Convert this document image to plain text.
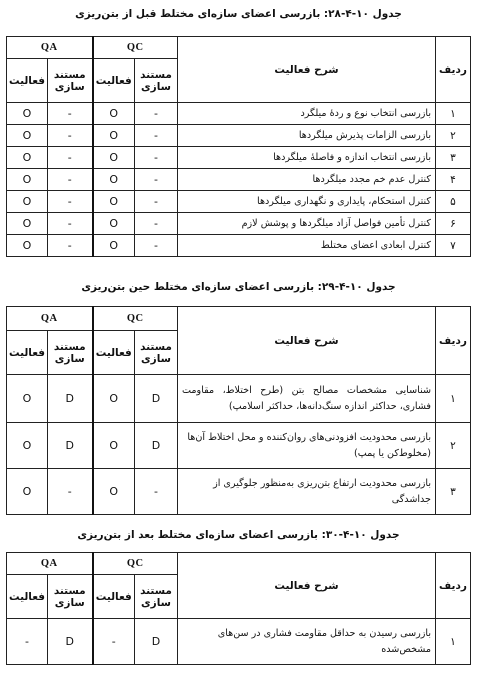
جدول ۱۰-۴-۲۸: بازرسی اعضای سازه‌ای مختلط قبل از بتن‌ریزی
ردیف	شرح فعالیت	QC		QA	
		مستند سازی	فعالیت	مستند سازی	فعالیت
۱	بازرسی انتخاب نوع و ردهٔ میلگرد	-	O	-	O
۲	بازرسی الزامات پذیرش میلگردها	-	O	-	O
۳	بازرسی انتخاب اندازه و فاصلهٔ میلگردها	-	O	-	O
۴	کنترل عدم خم مجدد میلگردها	-	O	-	O
۵	کنترل استحکام، پایداری و نگهداری میلگردها	-	O	-	O
۶	کنترل تأمین فواصل آزاد میلگردها و پوشش لازم	-	O	-	O
۷	کنترل ابعادی اعضای مختلط	-	O	-	O
جدول ۱۰-۴-۲۹: بازرسی اعضای سازه‌ای مختلط حین بتن‌ریزی
ردیف	شرح فعالیت	QC		QA	
		مستند سازی	فعالیت	مستند سازی	فعالیت
۱	شناسایی مشخصات مصالح بتن (طرح اختلاط، مقاومت فشاری، حداکثر اندازه سنگ‌دانه‌ها، حداکثر اسلامپ)	D	O	D	O
۲	بازرسی محدودیت افزودنی‌های روان‌کننده و محل اختلاط آن‌ها (مخلوط‌کن یا پمپ)	D	O	D	O
۳	بازرسی محدودیت ارتفاع بتن‌ریزی به‌منظور جلوگیری از جداشدگی	-	O	-	O
جدول ۱۰-۴-۳۰: بازرسی اعضای سازه‌ای مختلط بعد از بتن‌ریزی
ردیف	شرح فعالیت	QC		QA	
		مستند سازی	فعالیت	مستند سازی	فعالیت
۱	بازرسی رسیدن به حداقل مقاومت فشاری در سن‌های مشخص‌شده	D	-	D	-
